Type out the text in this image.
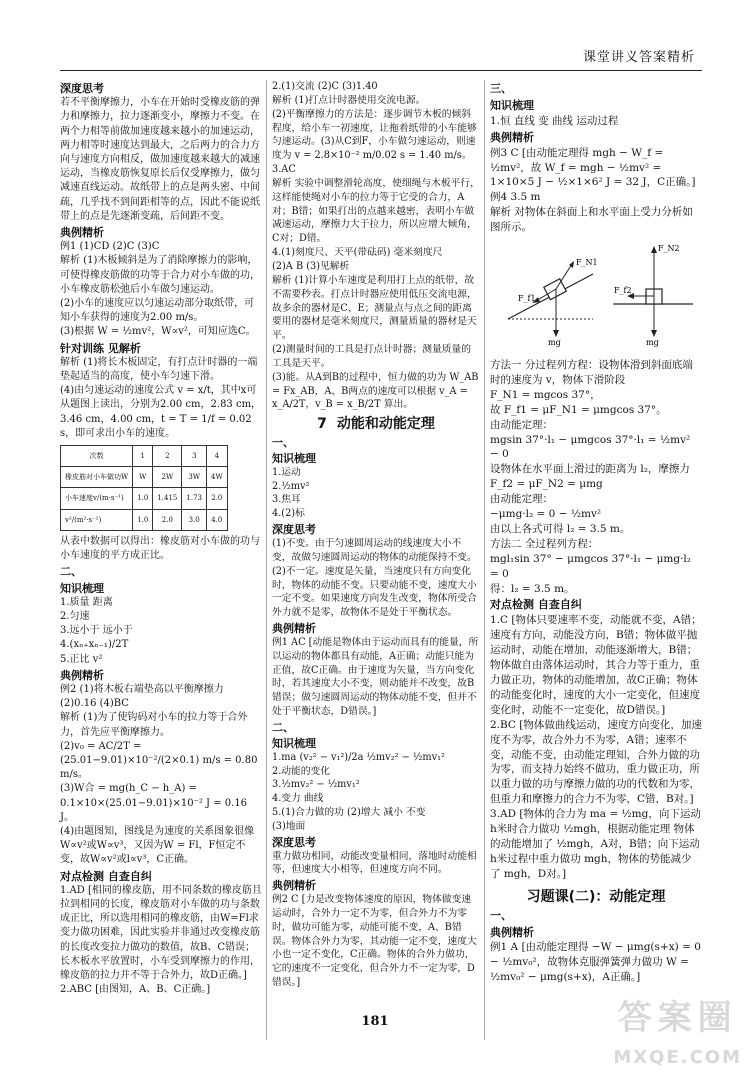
课堂讲义答案精析
深度思考

若不平衡摩擦力，小车在开始时受橡皮筋的弹力和摩擦力，拉力逐渐变小，摩擦力不变。在两个力相等前做加速度越来越小的加速运动，两力相等时速度达到最大，之后两力的合力方向与速度方向相反，做加速度越来越大的减速运动，当橡皮筋恢复原长后仅受摩擦力，做匀减速直线运动。故纸带上的点是两头密、中间疏，几乎找不到间距相等的点，因此不能说纸带上的点是先逐渐变疏，后间距不变。

典例精析

例1 (1)CD (2)C (3)C

解析 (1)木板倾斜是为了消除摩擦力的影响，可使得橡皮筋做的功等于合力对小车做的功，小车橡皮筋松弛后小车做匀速运动。

(2)小车的速度应以匀速运动部分取纸带，可知小车获得的速度为2.00 m/s。

(3)根据 W = ½mv²，W∝v²，可知应选C。

针对训练 见解析

解析 (1)将长木板固定，有打点计时器的一端垫起适当的高度，使小车匀速下滑。

(4)由匀速运动的速度公式 v = x/t，其中x可从题图上读出，分别为2.00 cm，2.83 cm，3.46 cm，4.00 cm，t = T = 1/f = 0.02 s，即可求出小车的速度。

次数	1	2	3	4
橡皮筋对小车做功W	W	2W	3W	4W
小车速度v/(m·s⁻¹)	1.0	1.415	1.73	2.0
v²/(m²·s⁻²)	1.0	2.0	3.0	4.0

从表中数据可以得出：橡皮筋对小车做的功与小车速度的平方成正比。

二、
知识梳理

1.质量 距离

2.匀速

3.远小于 远小于

4.(xₙ₊xₙ₋₁)/2T

5.正比 v²

典例精析

例2 (1)将木板右端垫高以平衡摩擦力

(2)0.16 (4)BC

解析 (1)为了使钩码对小车的拉力等于合外力，首先应平衡摩擦力。

(2)v₀ = AC/2T = (25.01−9.01)×10⁻²/(2×0.1) m/s = 0.80 m/s。

(3)W合 = mg(h_C − h_A) = 0.1×10×(25.01−9.01)×10⁻² J = 0.16 J。

(4)由题图知，图线是为速度的关系图象很像W∝v²或W∝v³，又因为W = Fl，F恒定不变，故W∝v²或l∝v³，C正确。

对点检测 自查自纠

1.AD [相同的橡皮筋，用不同条数的橡皮筋且拉到相同的长度，橡皮筋对小车做的功与条数成正比，所以选用相同的橡皮筋，由W=Fl求变力做功困难，因此实验并非通过改变橡皮筋的长度改变拉力做功的数值，故B、C错误；长木板水平放置时，小车受到摩擦力的作用，橡皮筋的拉力并不等于合外力，故D正确。]

2.ABC [由图知，A、B、C正确。]

2.(1)交流 (2)C (3)1.40

解析 (1)打点计时器使用交流电源。

(2)平衡摩擦力的方法是：逐步调节木板的倾斜程度，给小车一初速度，让拖着纸带的小车能够匀速运动。(3)从C到F，小车做匀速运动，则速度为 v = 2.8×10⁻² m/0.02 s = 1.40 m/s。

3.AC

解析 实验中调整滑轮高度，使细绳与木板平行，这样能使绳对小车的拉力等于它受的合力，A对；B错；如果打出的点越来越密，表明小车做减速运动，摩擦力大于拉力，所以应增大倾角，C对；D错。

4.(1)刻度尺、天平(带砝码) 毫米刻度尺

(2)A B (3)见解析

解析 (1)计算小车速度是利用打上点的纸带，故不需要秒表。打点计时器应使用低压交流电源，故多余的器材是C、E；测量点与点之间的距离要用的器材是毫米刻度尺，测量质量的器材是天平。

(2)测量时间的工具是打点计时器；测量质量的工具是天平。

(3)能。从A到B的过程中，恒力做的功为 W_AB = Fx_AB，A、B两点的速度可以根据 v_A = x_A/2T，v_B = x_B/2T 算出。

7 动能和动能定理
一、
知识梳理

1.运动

2.½mv²

3.焦耳

4.(2)标

深度思考

(1)不变。由于匀速圆周运动的线速度大小不变，故做匀速圆周运动的物体的动能保持不变。(2)不一定。速度是矢量，当速度只有方向变化时，物体的动能不变。只要动能不变，速度大小一定不变。如果速度方向发生改变，物体所受合外力就不是零，故物体不是处于平衡状态。

典例精析

例1 AC [动能是物体由于运动而具有的能量，所以运动的物体都具有动能，A正确；动能只能为正值，故C正确。由于速度为矢量，当方向变化时，若其速度大小不变，则动能并不改变，故B错误；做匀速圆周运动的物体动能不变，但并不处于平衡状态，D错误。]

二、
知识梳理

1.ma (v₂² − v₁²)/2a ½mv₂² − ½mv₁²

2.动能的变化

3.½mv₂² − ½mv₁²

4.变力 曲线

5.(1)合力做的功 (2)增大 减小 不变

(3)地面

深度思考

重力做功相同，动能改变量相同，落地时动能相等，但速度大小相等，但速度方向不同。

典例精析

例2 C [力是改变物体速度的原因，物体做变速运动时，合外力一定不为零，但合外力不为零时，做功可能为零，动能可能不变，A、B错误。物体合外力为零，其动能一定不变，速度大小也一定不变化，C正确。物体的合外力做功，它的速度不一定变化，但合外力不一定为零，D错误。]

三、
知识梳理

1.恒 直线 变 曲线 运动过程

典例精析

例3 C [由动能定理得 mgh − W_f = ½mv²，故 W_f = mgh − ½mv² = 1×10×5 J − ½×1×6² J = 32 J，C正确。]

例4 3.5 m

解析 对物体在斜面上和水平面上受力分析如图所示。

F_N1
F_f1
mg
F_N2
F_f2
mg

方法一 分过程列方程：设物体滑到斜面底端时的速度为 v，物体下滑阶段

F_N1 = mgcos 37°，

故 F_f1 = μF_N1 = μmgcos 37°。

由动能定理：

mgsin 37°·l₁ − μmgcos 37°·l₁ = ½mv² − 0

设物体在水平面上滑过的距离为 l₂，摩擦力 F_f2 = μF_N2 = μmg

由动能定理：

−μmg·l₂ = 0 − ½mv²

由以上各式可得 l₂ = 3.5 m。

方法二 全过程列方程：

mgl₁sin 37° − μmgcos 37°·l₁ − μmg·l₂ = 0

得：l₂ = 3.5 m。

对点检测 自查自纠

1.C [物体只要速率不变，动能就不变，A错；速度有方向，动能没方向，B错；物体做平抛运动时，动能在增加，动能逐渐增大，B错；物体做自由落体运动时，其合力等于重力，重力做正功，物体的动能增加，故C正确；物体的动能变化时，速度的大小一定变化，但速度变化时，动能不一定变化，故D错误。]

2.BC [物体做曲线运动，速度方向变化，加速度不为零，故合外力不为零，A错；速率不变，动能不变，由动能定理知，合外力做的功为零，而支持力始终不做功，重力做正功，所以重力做的功与摩擦力做的功的代数和为零，但重力和摩擦力的合力不为零，C错，B对。]

3.AD [物体的合力为 ma = ½mg，向下运动h米时合力做功 ½mgh，根据动能定理 物体的动能增加了 ½mgh，A对，B错；向下运动h米过程中重力做功 mgh，物体的势能减少了 mgh，D对。]

习题课(二)：动能定理
一、
典例精析

例1 A [由动能定理得 −W − μmg(s+x) = 0 − ½mv₀²，故物体克服弹簧弹力做功 W = ½mv₀² − μmg(s+x)，A正确。]

181	答案圈
MXQE.COM
